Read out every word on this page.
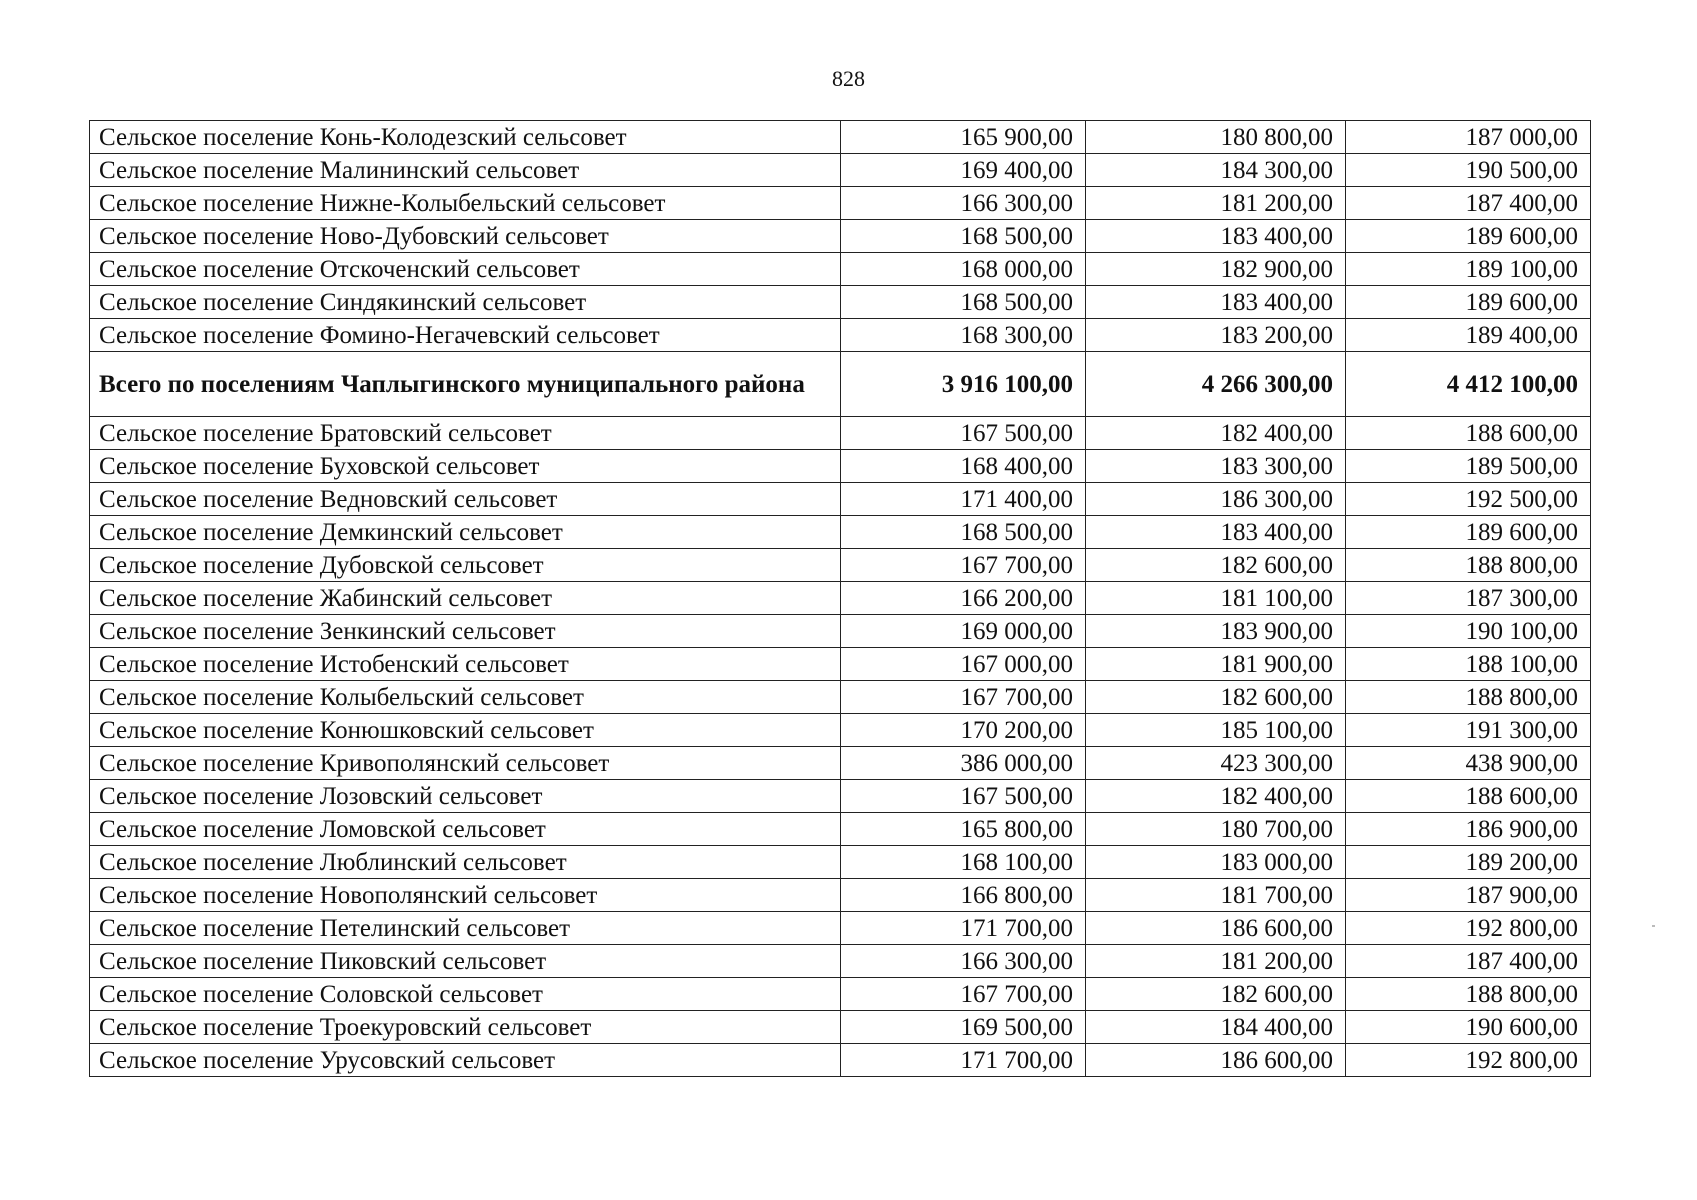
828
Сельское поселение Конь-Колодезский сельсовет	165 900,00	180 800,00	187 000,00
Сельское поселение Малининский сельсовет	169 400,00	184 300,00	190 500,00
Сельское поселение Нижне-Колыбельский сельсовет	166 300,00	181 200,00	187 400,00
Сельское поселение Ново-Дубовский сельсовет	168 500,00	183 400,00	189 600,00
Сельское поселение Отскоченский сельсовет	168 000,00	182 900,00	189 100,00
Сельское поселение Синдякинский сельсовет	168 500,00	183 400,00	189 600,00
Сельское поселение Фомино-Негачевский сельсовет	168 300,00	183 200,00	189 400,00
Всего по поселениям Чаплыгинского муниципального района	3 916 100,00	4 266 300,00	4 412 100,00
Сельское поселение Братовский сельсовет	167 500,00	182 400,00	188 600,00
Сельское поселение Буховской сельсовет	168 400,00	183 300,00	189 500,00
Сельское поселение Ведновский сельсовет	171 400,00	186 300,00	192 500,00
Сельское поселение Демкинский сельсовет	168 500,00	183 400,00	189 600,00
Сельское поселение Дубовской сельсовет	167 700,00	182 600,00	188 800,00
Сельское поселение Жабинский сельсовет	166 200,00	181 100,00	187 300,00
Сельское поселение Зенкинский сельсовет	169 000,00	183 900,00	190 100,00
Сельское поселение Истобенский сельсовет	167 000,00	181 900,00	188 100,00
Сельское поселение Колыбельский сельсовет	167 700,00	182 600,00	188 800,00
Сельское поселение Конюшковский сельсовет	170 200,00	185 100,00	191 300,00
Сельское поселение Кривополянский сельсовет	386 000,00	423 300,00	438 900,00
Сельское поселение Лозовский сельсовет	167 500,00	182 400,00	188 600,00
Сельское поселение Ломовской сельсовет	165 800,00	180 700,00	186 900,00
Сельское поселение Люблинский сельсовет	168 100,00	183 000,00	189 200,00
Сельское поселение Новополянский сельсовет	166 800,00	181 700,00	187 900,00
Сельское поселение Петелинский сельсовет	171 700,00	186 600,00	192 800,00
Сельское поселение Пиковский сельсовет	166 300,00	181 200,00	187 400,00
Сельское поселение Соловской сельсовет	167 700,00	182 600,00	188 800,00
Сельское поселение Троекуровский сельсовет	169 500,00	184 400,00	190 600,00
Сельское поселение Урусовский сельсовет	171 700,00	186 600,00	192 800,00
